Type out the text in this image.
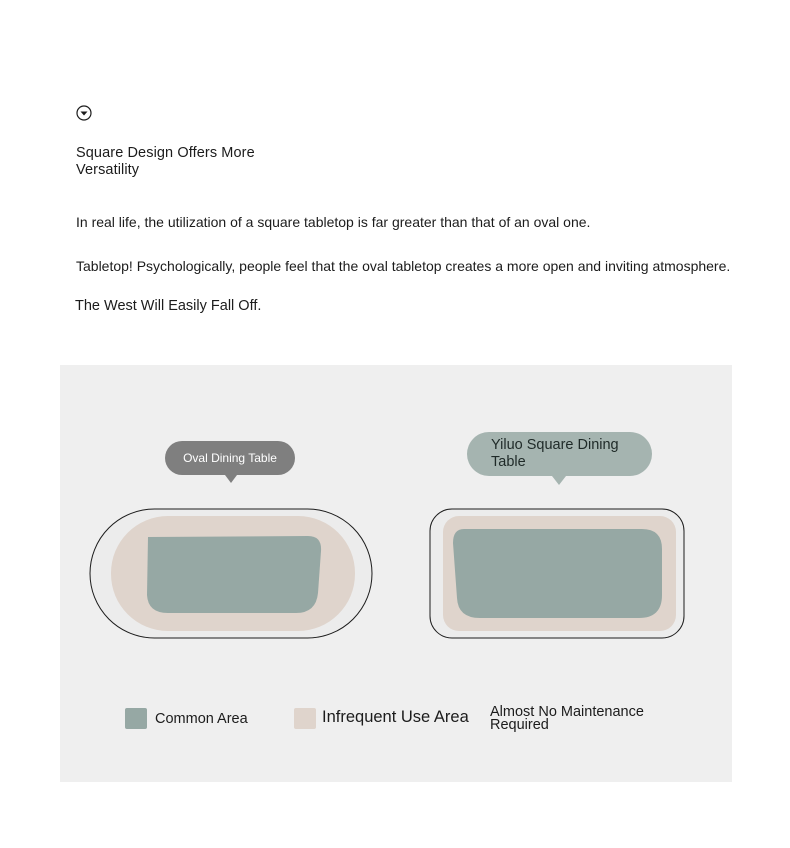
Square Design Offers More Versatility
In real life, the utilization of a square tabletop is far greater than that of an oval one.
Tabletop! Psychologically, people feel that the oval tabletop creates a more open and inviting atmosphere.
The West Will Easily Fall Off.
Oval Dining Table
Yiluo Square Dining Table
Common Area	Infrequent Use Area Almost No Maintenance Required
